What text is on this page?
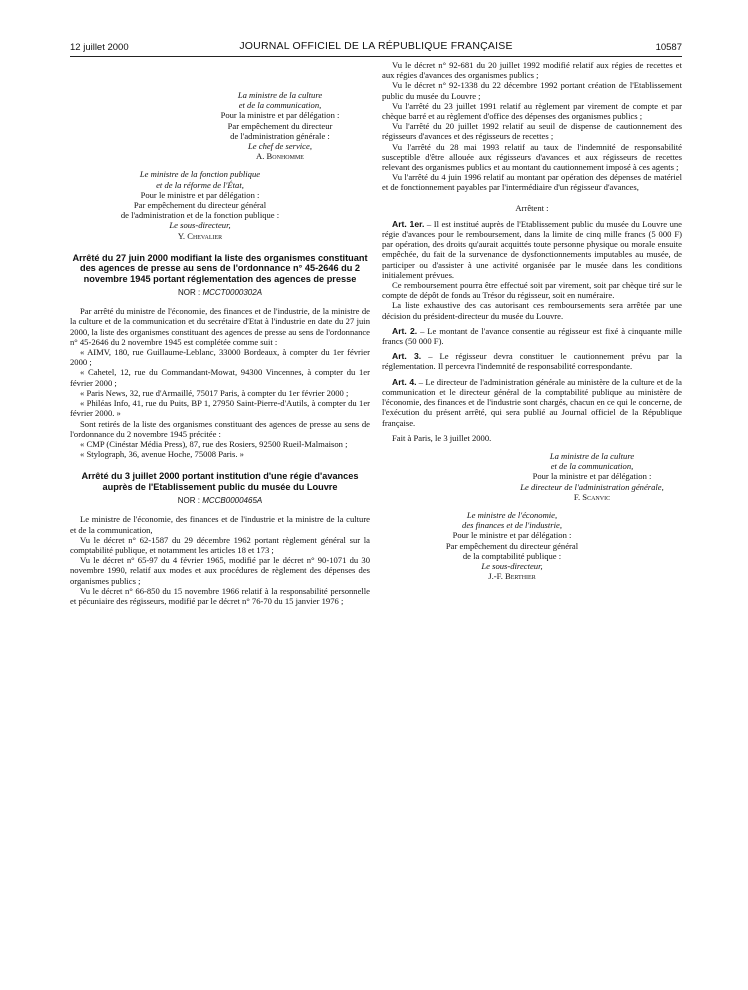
12 juillet 2000	JOURNAL OFFICIEL DE LA RÉPUBLIQUE FRANÇAISE	10587

La ministre de la culture

et de la communication,

Pour la ministre et par délégation :

Par empêchement du directeur

de l'administration générale :

Le chef de service,

A. Bonhomme

Le ministre de la fonction publique

et de la réforme de l'État,

Pour le ministre et par délégation :

Par empêchement du directeur général

de l'administration et de la fonction publique :

Le sous-directeur,

Y. Chevalier

Arrêté du 27 juin 2000 modifiant la liste des organismes constituant des agences de presse au sens de l'ordonnance n° 45-2646 du 2 novembre 1945 portant réglementation des agences de presse

NOR : MCCT0000302A

Par arrêté du ministre de l'économie, des finances et de l'industrie, de la ministre de la culture et de la communication et du secrétaire d'Etat à l'industrie en date du 27 juin 2000, la liste des organismes constituant des agences de presse au sens de l'ordonnance n° 45-2646 du 2 novembre 1945 est complétée comme suit :

« AIMV, 180, rue Guillaume-Leblanc, 33000 Bordeaux, à compter du 1er février 2000 ;

« Cahetel, 12, rue du Commandant-Mowat, 94300 Vincennes, à compter du 1er février 2000 ;

« Paris News, 32, rue d'Armaillé, 75017 Paris, à compter du 1er février 2000 ;

« Philéas Info, 41, rue du Puits, BP 1, 27950 Saint-Pierre-d'Autils, à compter du 1er février 2000. »

Sont retirés de la liste des organismes constituant des agences de presse au sens de l'ordonnance du 2 novembre 1945 précitée :

« CMP (Cinéstar Média Press), 87, rue des Rosiers, 92500 Rueil-Malmaison ;

« Stylograph, 36, avenue Hoche, 75008 Paris. »

Arrêté du 3 juillet 2000 portant institution d'une régie d'avances auprès de l'Etablissement public du musée du Louvre

NOR : MCCB0000465A

Le ministre de l'économie, des finances et de l'industrie et la ministre de la culture et de la communication,

Vu le décret n° 62-1587 du 29 décembre 1962 portant règlement général sur la comptabilité publique, et notamment les articles 18 et 173 ;

Vu le décret n° 65-97 du 4 février 1965, modifié par le décret n° 90-1071 du 30 novembre 1990, relatif aux modes et aux procédures de règlement des dépenses des organismes publics ;

Vu le décret n° 66-850 du 15 novembre 1966 relatif à la responsabilité personnelle et pécuniaire des régisseurs, modifié par le décret n° 76-70 du 15 janvier 1976 ;

Vu le décret n° 92-681 du 20 juillet 1992 modifié relatif aux régies de recettes et aux régies d'avances des organismes publics ;

Vu le décret n° 92-1338 du 22 décembre 1992 portant création de l'Etablissement public du musée du Louvre ;

Vu l'arrêté du 23 juillet 1991 relatif au règlement par virement de compte et par chèque barré et au règlement d'office des dépenses des organismes publics ;

Vu l'arrêté du 20 juillet 1992 relatif au seuil de dispense de cautionnement des régisseurs d'avances et des régisseurs de recettes ;

Vu l'arrêté du 28 mai 1993 relatif au taux de l'indemnité de responsabilité susceptible d'être allouée aux régisseurs d'avances et aux régisseurs de recettes relevant des organismes publics et au montant du cautionnement imposé à ces agents ;

Vu l'arrêté du 4 juin 1996 relatif au montant par opération des dépenses de matériel et de fonctionnement payables par l'intermédiaire d'un régisseur d'avances,

Arrêtent :

Art. 1er. – Il est institué auprès de l'Etablissement public du musée du Louvre une régie d'avances pour le remboursement, dans la limite de cinq mille francs (5 000 F) par opération, des droits qu'aurait acquittés toute personne physique ou morale ensuite empêchée, du fait de la survenance de dysfonctionnements imputables au musée, de participer ou d'assister à une activité organisée par le musée dans les conditions initialement prévues.

Ce remboursement pourra être effectué soit par virement, soit par chèque tiré sur le compte de dépôt de fonds au Trésor du régisseur, soit en numéraire.

La liste exhaustive des cas autorisant ces remboursements sera arrêtée par une décision du président-directeur du musée du Louvre.

Art. 2. – Le montant de l'avance consentie au régisseur est fixé à cinquante mille francs (50 000 F).

Art. 3. – Le régisseur devra constituer le cautionnement prévu par la réglementation. Il percevra l'indemnité de responsabilité correspondante.

Art. 4. – Le directeur de l'administration générale au ministère de la culture et de la communication et le directeur général de la comptabilité publique au ministère de l'économie, des finances et de l'industrie sont chargés, chacun en ce qui le concerne, de l'exécution du présent arrêté, qui sera publié au Journal officiel de la République française.

Fait à Paris, le 3 juillet 2000.

La ministre de la culture

et de la communication,

Pour la ministre et par délégation :

Le directeur de l'administration générale,

F. Scanvic

Le ministre de l'économie,

des finances et de l'industrie,

Pour le ministre et par délégation :

Par empêchement du directeur général

de la comptabilité publique :

Le sous-directeur,

J.-F. Berthier
